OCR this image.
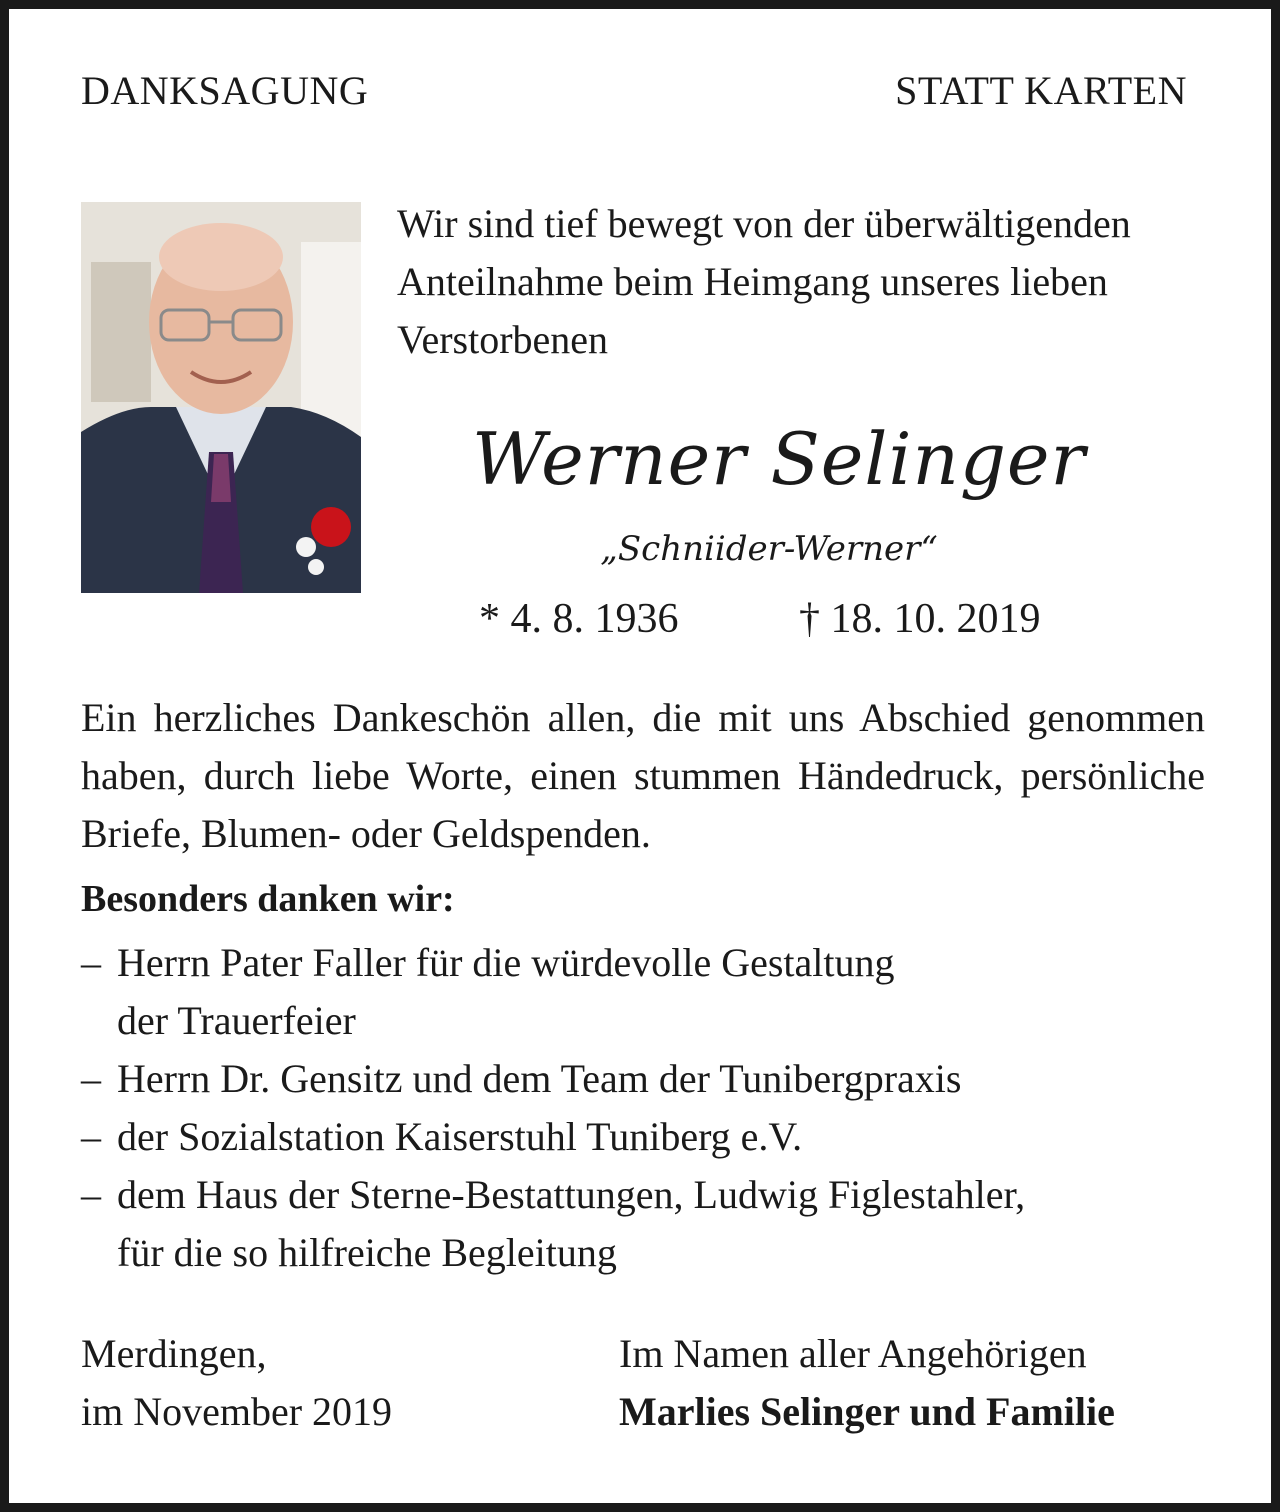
DANKSAGUNG	STATT KARTEN
Wir sind tief bewegt von der überwältigenden
Anteilnahme beim Heimgang unseres lieben
Verstorbenen
Werner Selinger
„Schniider-Werner“
* 4. 8. 1936	† 18. 10. 2019
Ein herzliches Dankeschön allen, die mit uns Abschied genommen haben, durch liebe Worte, einen stummen Händedruck, persönliche Briefe, Blumen- oder Geldspenden.
Besonders danken wir:
– Herrn Pater Faller für die würdevolle Gestaltung
der Trauerfeier
– Herrn Dr. Gensitz und dem Team der Tunibergpraxis
– der Sozialstation Kaiserstuhl Tuniberg e.V.
– dem Haus der Sterne-Bestattungen, Ludwig Figlestahler,
für die so hilfreiche Begleitung
Merdingen,
im November 2019
Im Namen aller Angehörigen
Marlies Selinger und Familie
